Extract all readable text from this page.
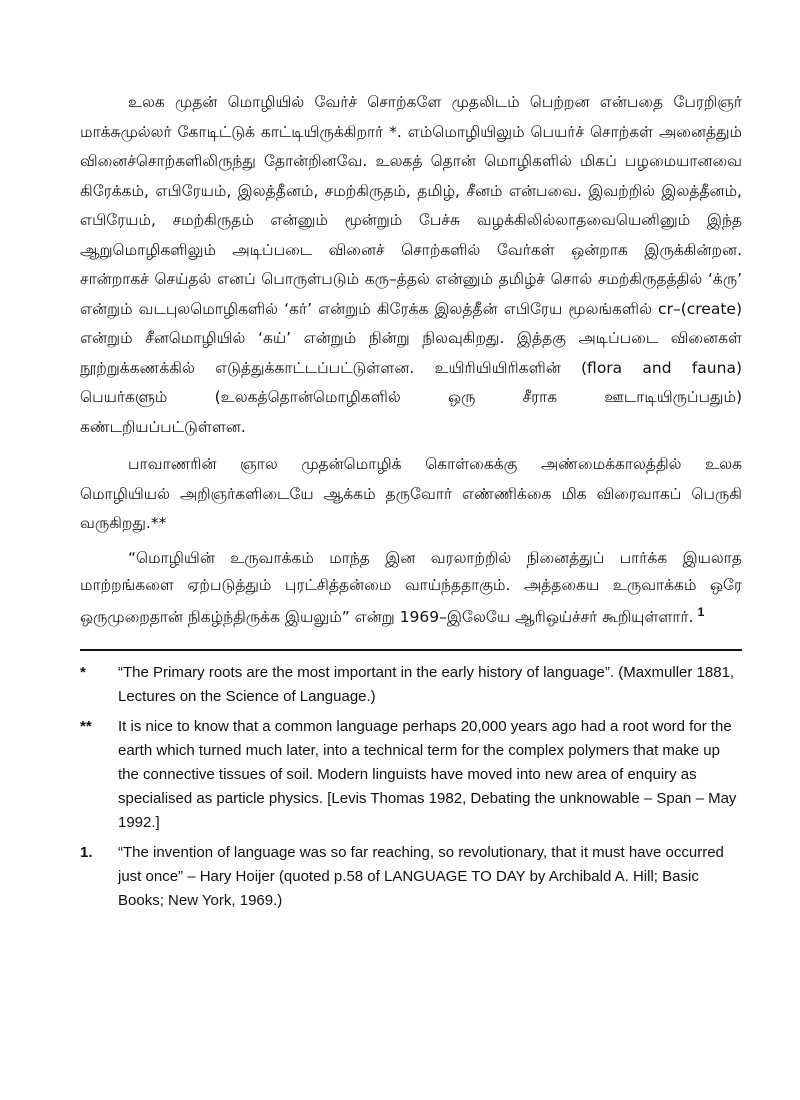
உலக முதன் மொழியில் வேர்ச் சொற்களே முதலிடம் பெற்றன என்பதை பேரறிஞர் மாக்சுமுல்லர் கோடிட்டுக் காட்டியிருக்கிறார் *. எம்மொழியிலும் பெயர்ச் சொற்கள் அனைத்தும் வினைச்சொற்களிலிருந்து தோன்றினவே. உலகத் தொன் மொழிகளில் மிகப் பழமையானவை கிரேக்கம், எபிரேயம், இலத்தீனம், சமற்கிருதம், தமிழ், சீனம் என்பவை. இவற்றில் இலத்தீனம், எபிரேயம், சமற்கிருதம் என்னும் மூன்றும் பேச்சு வழக்கிலில்லாதவையெனினும் இந்த ஆறுமொழிகளிலும் அடிப்படை வினைச் சொற்களில் வேர்கள் ஒன்றாக இருக்கின்றன. சான்றாகச் செய்தல் எனப் பொருள்படும் கரு–த்தல் என்னும் தமிழ்ச் சொல் சமற்கிருதத்தில் ‘க்ரு’ என்றும் வடபுலமொழிகளில் ‘கர்’ என்றும் கிரேக்க இலத்தீன் எபிரேய மூலங்களில் cr–(create) என்றும் சீனமொழியில் ‘கய்’ என்றும் நின்று நிலவுகிறது. இத்தகு அடிப்படை வினைகள் நூற்றுக்கணக்கில் எடுத்துக்காட்டப்பட்டுள்ளன. உயிரியியிரிகளின் (flora and fauna) பெயர்களும் (உலகத்தொன்மொழிகளில் ஒரு சீராக ஊடாடியிருப்பதும்) கண்டறியப்பட்டுள்ளன.

பாவாணரின் ஞால முதன்மொழிக் கொள்கைக்கு அண்மைக்காலத்தில் உலக மொழியியல் அறிஞர்களிடையே ஆக்கம் தருவோர் எண்ணிக்கை மிக விரைவாகப் பெருகி வருகிறது.**

“மொழியின் உருவாக்கம் மாந்த இன வரலாற்றில் நினைத்துப் பார்க்க இயலாத மாற்றங்களை ஏற்படுத்தும் புரட்சித்தன்மை வாய்ந்ததாகும். அத்தகைய உருவாக்கம் ஒரே ஒருமுறைதான் நிகழ்ந்திருக்க இயலும்” என்று 1969–இலேயே ஆரிஒய்ச்சர் கூறியுள்ளார். $^1$

*	“The Primary roots are the most important in the early history of language”. (Maxmuller 1881, Lectures on the Science of Language.)
**	It is nice to know that a common language perhaps 20,000 years ago had a root word for the earth which turned much later, into a technical term for the complex polymers that make up the connective tissues of soil. Modern linguists have moved into new area of enquiry as specialised as particle physics. [Levis Thomas 1982, Debating the unknowable – Span – May 1992.]
1.	“The invention of language was so far reaching, so revolutionary, that it must have occurred just once” – Hary Hoijer (quoted p.58 of LANGUAGE TO DAY by Archibald A. Hill; Basic Books; New York, 1969.)
